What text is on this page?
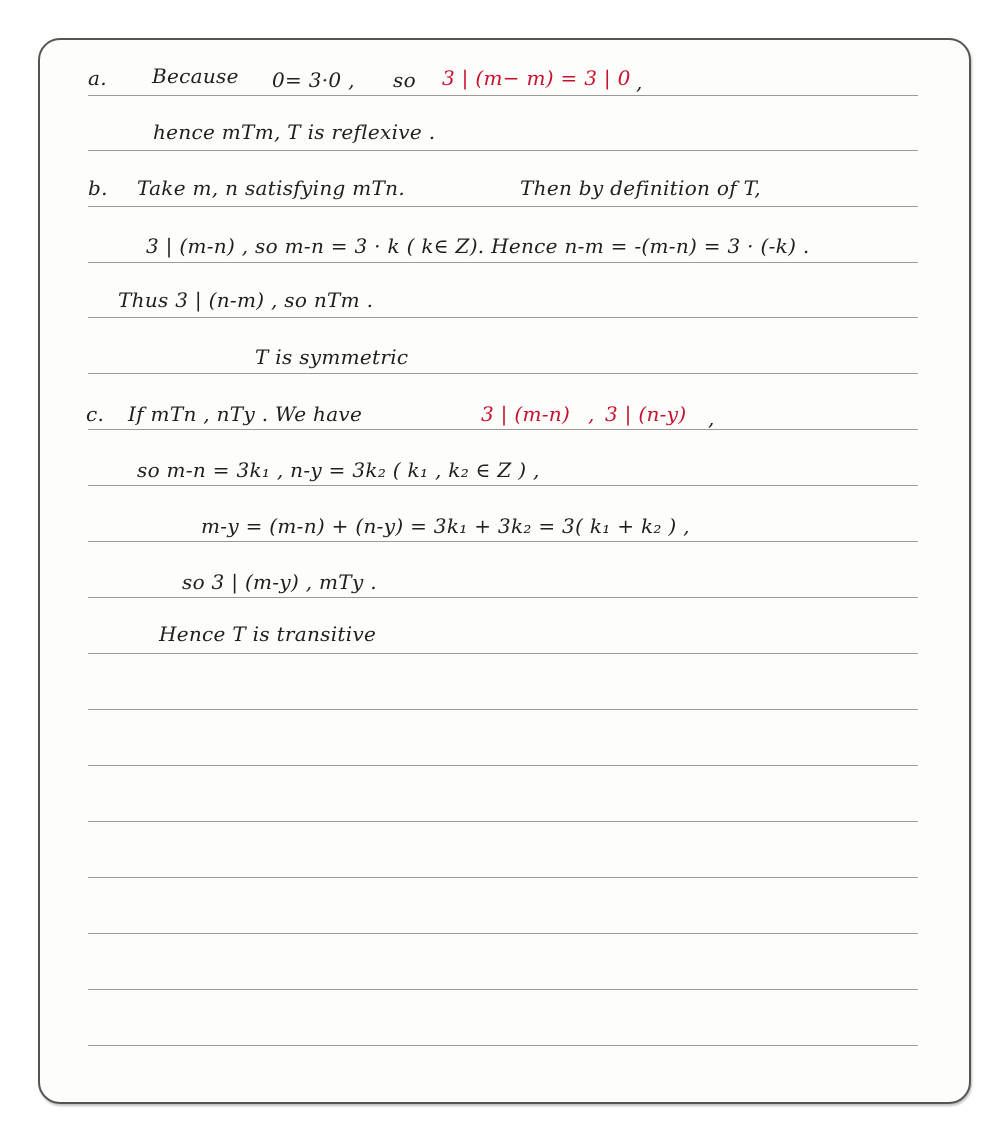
a. Because 0= 3·0 , so 3 | (m− m) = 3 | 0 ,
hence mTm, T is reflexive .
b. Take m, n satisfying mTn.	Then by definition of T,
3 | (m-n) , so m-n = 3 · k ( k∈ Z). Hence n-m = -(m-n) = 3 · (-k) .
Thus 3 | (n-m) , so nTm .
T is symmetric
c. If mTn , nTy . We have	3 | (m-n) , 3 | (n-y) ,
so m-n = 3k₁ , n-y = 3k₂ ( k₁ , k₂ ∈ Z ) ,
m-y = (m-n) + (n-y) = 3k₁ + 3k₂ = 3( k₁ + k₂ ) ,
so 3 | (m-y) , mTy .
Hence T is transitive
